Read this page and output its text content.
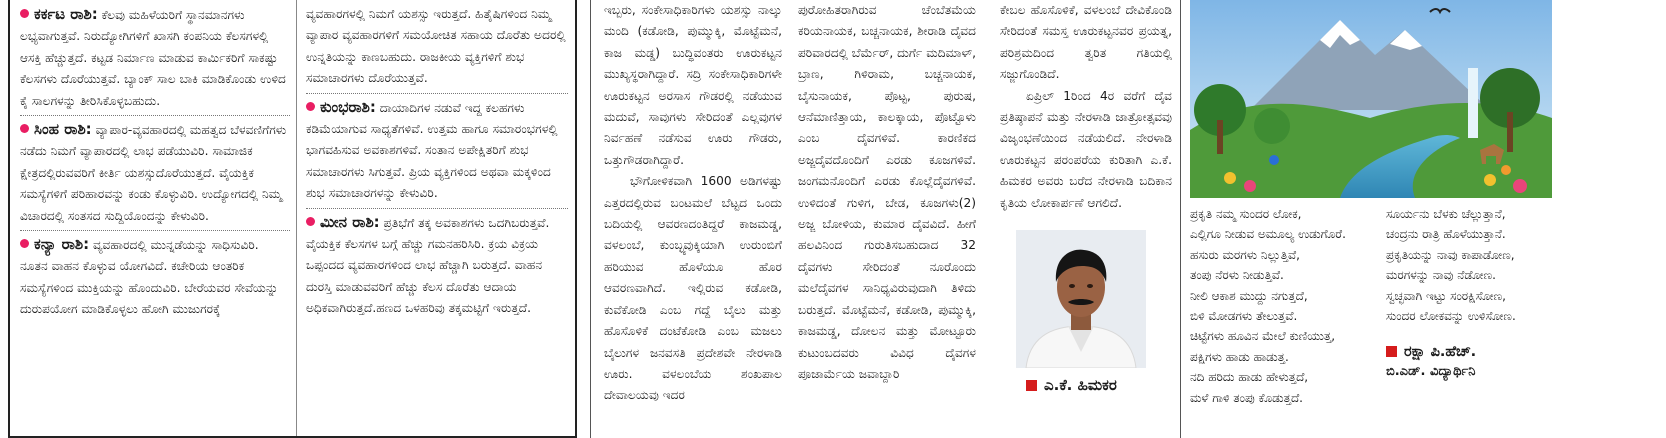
ಕರ್ಕಟ ರಾಶಿ: ಕೆಲವು ಮಹಿಳೆಯರಿಗೆ ಸ್ಥಾನಮಾನಗಳು ಲಭ್ಯವಾಗುತ್ತವೆ. ನಿರುದ್ಯೋಗಿಗಳಿಗೆ ಖಾಸಗಿ ಕಂಪನಿಯ ಕೆಲಸಗಳಲ್ಲಿ ಆಸಕ್ತಿ ಹೆಚ್ಚುತ್ತದೆ. ಕಟ್ಟಡ ನಿರ್ಮಾಣ ಮಾಡುವ ಕಾರ್ಮಿಕರಿಗೆ ಸಾಕಷ್ಟು ಕೆಲಸಗಳು ದೊರೆಯುತ್ತವೆ. ಬ್ಯಾಂಕ್ ಸಾಲ ಬಾಕಿ ಮಾಡಿಕೊಂಡು ಉಳಿದ ಕೈ ಸಾಲಗಳನ್ನು ತೀರಿಸಿಕೊಳ್ಳಬಹುದು.

ಸಿಂಹ ರಾಶಿ: ವ್ಯಾಪಾರ-ವ್ಯವಹಾರದಲ್ಲಿ ಮಹತ್ವದ ಬೆಳವಣಿಗೆಗಳು ನಡೆದು ನಿಮಗೆ ವ್ಯಾಪಾರದಲ್ಲಿ ಲಾಭ ಪಡೆಯುವಿರಿ. ಸಾಮಾಜಿಕ ಕ್ಷೇತ್ರದಲ್ಲಿರುವವರಿಗೆ ಕೀರ್ತಿ ಯಶಸ್ಸುದೊರೆಯುತ್ತದೆ. ವೈಯಕ್ತಿಕ ಸಮಸ್ಯೆಗಳಿಗೆ ಪರಿಹಾರವನ್ನು ಕಂಡು ಕೊಳ್ಳುವಿರಿ. ಉದ್ಯೋಗದಲ್ಲಿ ನಿಮ್ಮ ವಿಚಾರದಲ್ಲಿ ಸಂತಸದ ಸುದ್ದಿಯೊಂದನ್ನು ಕೇಳುವಿರಿ.

ಕನ್ಯಾ ರಾಶಿ: ವ್ಯವಹಾರದಲ್ಲಿ ಮುನ್ನಡೆಯನ್ನು ಸಾಧಿಸುವಿರಿ. ನೂತನ ವಾಹನ ಕೊಳ್ಳುವ ಯೋಗವಿದೆ. ಕಚೇರಿಯ ಆಂತರಿಕ ಸಮಸ್ಯೆಗಳಿಂದ ಮುಕ್ತಿಯನ್ನು ಹೊಂದುವಿರಿ. ಬೇರೆಯವರ ಸೇವೆಯನ್ನು ದುರುಪಯೋಗ ಮಾಡಿಕೊಳ್ಳಲು ಹೋಗಿ ಮುಜುಗರಕ್ಕೆ

ವ್ಯವಹಾರಗಳಲ್ಲಿ ನಿಮಗೆ ಯಶಸ್ಸು ಇರುತ್ತದೆ. ಹಿತೈಷಿಗಳಿಂದ ನಿಮ್ಮ ವ್ಯಾಪಾರ ವ್ಯವಹಾರಗಳಿಗೆ ಸಮಯೋಚಿತ ಸಹಾಯ ದೊರೆತು ಅದರಲ್ಲಿ ಉನ್ನತಿಯನ್ನು ಕಾಣಬಹುದು. ರಾಜಕೀಯ ವ್ಯಕ್ತಿಗಳಿಗೆ ಶುಭ ಸಮಾಚಾರಗಳು ದೊರೆಯುತ್ತವೆ.

ಕುಂಭರಾಶಿ: ದಾಯಾದಿಗಳ ನಡುವೆ ಇದ್ದ ಕಲಹಗಳು ಕಡಿಮೆಯಾಗುವ ಸಾಧ್ಯತೆಗಳಿವೆ. ಉತ್ತಮ ಹಾಗೂ ಸಮಾರಂಭಗಳಲ್ಲಿ ಭಾಗವಹಿಸುವ ಅವಕಾಶಗಳಿವೆ. ಸಂತಾನ ಅಪೇಕ್ಷಿತರಿಗೆ ಶುಭ ಸಮಾಚಾರಗಳು ಸಿಗುತ್ತವೆ. ಪ್ರಿಯ ವ್ಯಕ್ತಿಗಳಿಂದ ಅಥವಾ ಮಕ್ಕಳಿಂದ ಶುಭ ಸಮಾಚಾರಗಳನ್ನು ಕೇಳುವಿರಿ.

ಮೀನ ರಾಶಿ: ಪ್ರತಿಭೆಗೆ ತಕ್ಕ ಅವಕಾಶಗಳು ಒದಗಿಬರುತ್ತವೆ. ವೈಯಕ್ತಿಕ ಕೆಲಸಗಳ ಬಗ್ಗೆ ಹೆಚ್ಚು ಗಮನಹರಿಸಿರಿ. ಕ್ರಯ ವಿಕ್ರಯ ಒಪ್ಪಂದದ ವ್ಯವಹಾರಗಳಿಂದ ಲಾಭ ಹೆಚ್ಚಾಗಿ ಬರುತ್ತದೆ. ವಾಹನ ದುರಸ್ತಿ ಮಾಡುವವರಿಗೆ ಹೆಚ್ಚು ಕೆಲಸ ದೊರೆತು ಆದಾಯ ಅಧಿಕವಾಗಿರುತ್ತದೆ.ಹಣದ ಒಳಹರಿವು ತಕ್ಕಮಟ್ಟಿಗೆ ಇರುತ್ತದೆ.

ಇಬ್ಬರು, ಸಂಕೇಸಾಧಿಕಾರಿಗಳು ಯಶಸ್ಸು ನಾಲ್ಕು ಮಂದಿ (ಕಡೋಡಿ, ಪುಮ್ಮುಕ್ಕಿ, ಮೊಟ್ಟೆಮನೆ, ಕಾಜ ಮಡ್ಡ) ಬುದ್ಧಿವಂತರು ಊರುಕಟ್ಟನ ಮುಖ್ಯಸ್ಥರಾಗಿದ್ದಾರೆ. ಸದ್ರಿ ಸಂಕೇಸಾಧಿಕಾರಿಗಳೇ ಊರುಕಟ್ಟನ ಅರಸಾಸ ಗೌಡರಲ್ಲಿ ನಡೆಯುವ ಮದುವೆ, ಸಾವುಗಳು ಸೇರಿದಂತೆ ಎಲ್ಲವುಗಳ ನಿರ್ವಹಣೆ ನಡೆಸುವ ಊರು ಗೌಡರು, ಒತ್ತುಗೌಡರಾಗಿದ್ದಾರೆ.

ಭೌಗೋಳಿಕವಾಗಿ 1600 ಅಡಿಗಳಷ್ಟು ಎತ್ತರದಲ್ಲಿರುವ ಬಂಟಮಲೆ ಬೆಟ್ಟದ ಒಂದು ಬದಿಯಲ್ಲಿ ಆವರಣದಂತಿದ್ದರೆ ಕಾಜಮಡ್ಡ, ವಳಲಂಬೆ, ಕುಂಬ್ಳ್ಯವುಕ್ಕಿಯಾಗಿ ಉರುಂಬಿಗೆ ಹರಿಯುವ ಹೊಳೆಯೂ ಹೊರ ಆವರಣವಾಗಿದೆ. ಇಲ್ಲಿರುವ ಕಡೋಡಿ, ಕುವೆಕೋಡಿ ಎಂಬ ಗದ್ದೆ ಬೈಲು ಮತ್ತು ಹೊಸೊಳಿಕೆ ದಂಟೆಕೋಡಿ ಎಂಬ ಮಜಲು ಬೈಲುಗಳ ಜನವಸತಿ ಪ್ರದೇಶವೇ ನೇರಳಾಡಿ ಊರು. ವಳಲಂಬೆಯ ಶಂಖಪಾಲ ದೇವಾಲಯವು ಇದರ

ಪುರೋಹಿತರಾಗಿರುವ ಚೆಂಬೆತಮೆಯ ಕರಿಯನಾಯಕ, ಬಚ್ಚನಾಯಕ, ಶೀರಾಡಿ ದೈವದ ಪರಿವಾರದಲ್ಲಿ ಬೆರ್ಮೆರ್, ದುರ್ಗೆ ಮದಿಮಾಳ್, ಬ್ರಾಣ, ಗಿಳಿರಾಮ, ಬಚ್ಚನಾಯಕ, ಬೈಸುನಾಯಕ, ಪೊಟ್ಟ, ಪುರುಷ, ಆನೆಮಾಣಿತ್ತಾಯ, ಕಾಲಕ್ಕಾಯ, ಪೊಟ್ಟೊಳು ಎಂಬ ದೈವಗಳಿವೆ. ಕಾರಣಿಕದ ಅಜ್ಜದೈವದೊಂದಿಗೆ ಎರಡು ಕೂಜಗಳಿವೆ. ಜಂಗಮನೊಂದಿಗೆ ಎರಡು ಕೊಲ್ಲೆದೈವಗಳಿವೆ. ಉಳಿದಂತೆ ಗುಳಿಗ, ಬೇಡ, ಕೂಜಗಳು(2) ಅಜ್ಜ ಬೋಳಿಯ, ಕುಮಾರ ದೈವವಿದೆ. ಹೀಗೆ ಹಲವಿನಿಂದ ಗುರುತಿಸಬಹುದಾದ 32 ದೈವಗಳು ಸೇರಿದಂತೆ ನೂರೊಂದು ಮಲೆದೈವಗಳ ಸಾನಿಧ್ಯವಿರುವುದಾಗಿ ತಿಳಿದು ಬರುತ್ತದೆ. ಮೊಟ್ಟೆಮನೆ, ಕಡೋಡಿ, ಪುಮ್ಮುಕ್ಕಿ, ಕಾಜಮಡ್ಡ, ದೋಲನ ಮತ್ತು ಮೋಟ್ಟೂರು ಕುಟುಂಬದವರು ವಿವಿಧ ದೈವಗಳ ಪೂಜಾರ್ಮೆಯ ಜವಾಬ್ದಾರಿ

ಕೇಬಲ ಹೊಸೊಳಿಕೆ, ವಳಲಂಬೆ ದೇವಿಕೊಂಡಿ ಸೇರಿದಂತೆ ಸಮಸ್ತ ಊರುಕಟ್ಟನವರ ಪ್ರಯತ್ನ, ಪರಿಶ್ರಮದಿಂದ ತ್ವರಿತ ಗತಿಯಲ್ಲಿ ಸಜ್ಜುಗೊಂಡಿದೆ.

ಏಪ್ರಿಲ್ 1ರಿಂದ 4ರ ವರೆಗೆ ದೈವ ಪ್ರತಿಷ್ಠಾಪನೆ ಮತ್ತು ನೇರಳಾಡಿ ಜಾತ್ರೋತ್ಸವವು ವಿಜೃಂಭಣೆಯಿಂದ ನಡೆಯಲಿದೆ. ನೇರಳಾಡಿ ಊರುಕಟ್ಟನ ಪರಂಪರೆಯ ಕುರಿತಾಗಿ ಎ.ಕೆ. ಹಿಮಕರ ಅವರು ಬರೆದ ನೇರಳಾಡಿ ಬದಿಕಾನ ಕೃತಿಯ ಲೋಕಾರ್ಪಣೆ ಆಗಲಿದೆ.

ಎ.ಕೆ. ಹಿಮಕರ
ಪ್ರಕೃತಿ ನಮ್ಮ ಸುಂದರ ಲೋಕ,
ಎಲ್ಲಿಗೂ ನೀಡುವ ಅಮೂಲ್ಯ ಉಡುಗೊರೆ.
ಹಸುರು ಮರಗಳು ನಿಲ್ಲುತ್ತಿವೆ,
ತಂಪು ನೆರಳು ನೀಡುತ್ತಿವೆ.
ನೀಲಿ ಆಕಾಶ ಮುದ್ದು ನಗುತ್ತದೆ,
ಬಿಳಿ ಮೋಡಗಳು ತೇಲುತ್ತವೆ.
ಚಿಟ್ಟೆಗಳು ಹೂವಿನ ಮೇಲೆ ಕುಣಿಯುತ್ತ,
ಪಕ್ಷಿಗಳು ಹಾಡು ಹಾಡುತ್ತ.
ನದಿ ಹರಿದು ಹಾಡು ಹೇಳುತ್ತದೆ,
ಮಳೆ ಗಾಳಿ ತಂಪು ಕೊಡುತ್ತದೆ.
ಸೂರ್ಯನು ಬೆಳಕು ಚೆಲ್ಲುತ್ತಾನೆ,
ಚಂದ್ರನು ರಾತ್ರಿ ಹೊಳೆಯುತ್ತಾನೆ.
ಪ್ರಕೃತಿಯನ್ನು ನಾವು ಕಾಪಾಡೋಣ,
ಮರಗಳನ್ನು ನಾವು ನೆಡೋಣ.
ಸ್ವಚ್ಛವಾಗಿ ಇಟ್ಟು ಸಂರಕ್ಷಿಸೋಣ,
ಸುಂದರ ಲೋಕವನ್ನು ಉಳಿಸೋಣ.
ರಕ್ಷಾ ಪಿ.ಹೆಚ್.
ಬಿ.ಎಡ್. ವಿದ್ಯಾರ್ಥಿನಿ
